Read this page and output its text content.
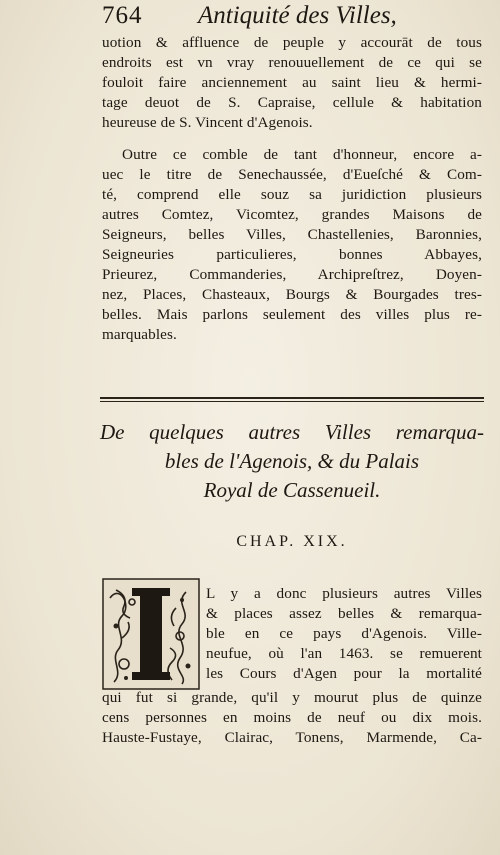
764 Antiquité des Villes,
uotion & affluence de peuple y accourāt de tous
endroits est vn vray renouuellement de ce qui se
fouloit faire anciennement au saint lieu & hermi-
tage deuot de S. Capraise, cellule & habitation
heureuse de S. Vincent d'Agenois.
Outre ce comble de tant d'honneur, encore a-
uec le titre de Senechaussée, d'Eueſché & Com-
té, comprend elle souz sa juridiction plusieurs
autres Comtez, Vicomtez, grandes Maisons de
Seigneurs, belles Villes, Chastellenies, Baronnies,
Seigneuries particulieres, bonnes Abbayes,
Prieurez, Commanderies, Archipreſtrez, Doyen-
nez, Places, Chasteaux, Bourgs & Bourgades tres-
belles. Mais parlons seulement des villes plus re-
marquables.
De quelques autres Villes remarqua-
bles de l'Agenois, & du Palais
Royal de Cassenueil.
CHAP. XIX.
L y a donc plusieurs autres Villes
& places assez belles & remarqua-
ble en ce pays d'Agenois. Ville-
neufue, où l'an 1463. se remuerent
les Cours d'Agen pour la mortalité
qui fut si grande, qu'il y mourut plus de quinze
cens personnes en moins de neuf ou dix mois.
Hauste-Fustaye, Clairac, Tonens, Marmende, Ca-
